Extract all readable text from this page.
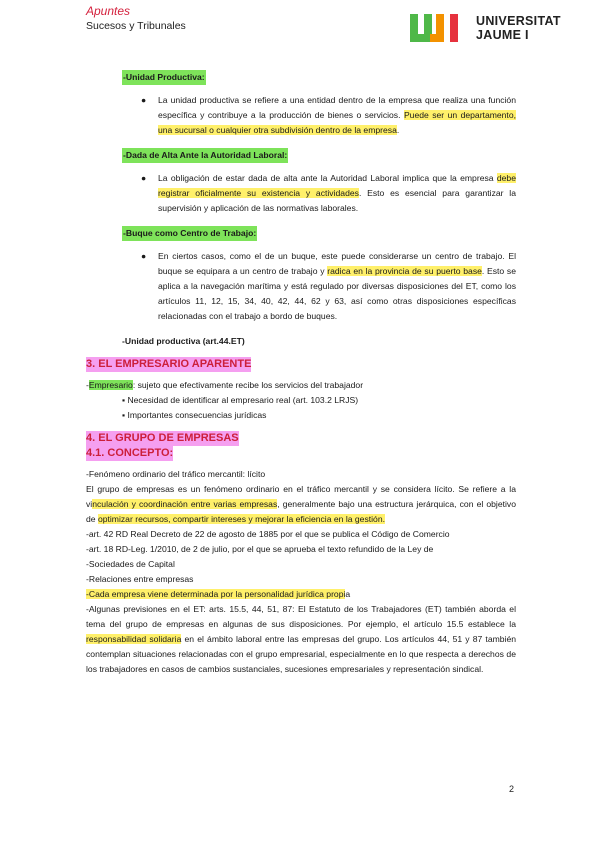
Apuntes
Sucesos y Tribunales	UNIVERSITAT
JAUME I
-Unidad Productiva:
● La unidad productiva se refiere a una entidad dentro de la empresa que realiza una función específica y contribuye a la producción de bienes o servicios. Puede ser un departamento, una sucursal o cualquier otra subdivisión dentro de la empresa.
-Dada de Alta Ante la Autoridad Laboral:
● La obligación de estar dada de alta ante la Autoridad Laboral implica que la empresa debe registrar oficialmente su existencia y actividades. Esto es esencial para garantizar la supervisión y aplicación de las normativas laborales.
-Buque como Centro de Trabajo:
● En ciertos casos, como el de un buque, este puede considerarse un centro de trabajo. El buque se equipara a un centro de trabajo y radica en la provincia de su puerto base. Esto se aplica a la navegación marítima y está regulado por diversas disposiciones del ET, como los artículos 11, 12, 15, 34, 40, 42, 44, 62 y 63, así como otras disposiciones específicas relacionadas con el trabajo a bordo de buques.
-Unidad productiva (art.44.ET)
3. EL EMPRESARIO APARENTE
-Empresario: sujeto que efectivamente recibe los servicios del trabajador
▪ Necesidad de identificar al empresario real (art. 103.2 LRJS)
▪ Importantes consecuencias jurídicas
4. EL GRUPO DE EMPRESAS
4.1. CONCEPTO:
-Fenómeno ordinario del tráfico mercantil: lícito
El grupo de empresas es un fenómeno ordinario en el tráfico mercantil y se considera lícito. Se refiere a la vinculación y coordinación entre varias empresas, generalmente bajo una estructura jerárquica, con el objetivo de optimizar recursos, compartir intereses y mejorar la eficiencia en la gestión.
-art. 42 RD Real Decreto de 22 de agosto de 1885 por el que se publica el Código de Comercio
-art. 18 RD-Leg. 1/2010, de 2 de julio, por el que se aprueba el texto refundido de la Ley de
-Sociedades de Capital
-Relaciones entre empresas
-Cada empresa viene determinada por la personalidad jurídica propia
-Algunas previsiones en el ET: arts. 15.5, 44, 51, 87: El Estatuto de los Trabajadores (ET) también aborda el tema del grupo de empresas en algunas de sus disposiciones. Por ejemplo, el artículo 15.5 establece la responsabilidad solidaria en el ámbito laboral entre las empresas del grupo. Los artículos 44, 51 y 87 también contemplan situaciones relacionadas con el grupo empresarial, especialmente en lo que respecta a derechos de los trabajadores en casos de cambios sustanciales, sucesiones empresariales y representación sindical.
2
